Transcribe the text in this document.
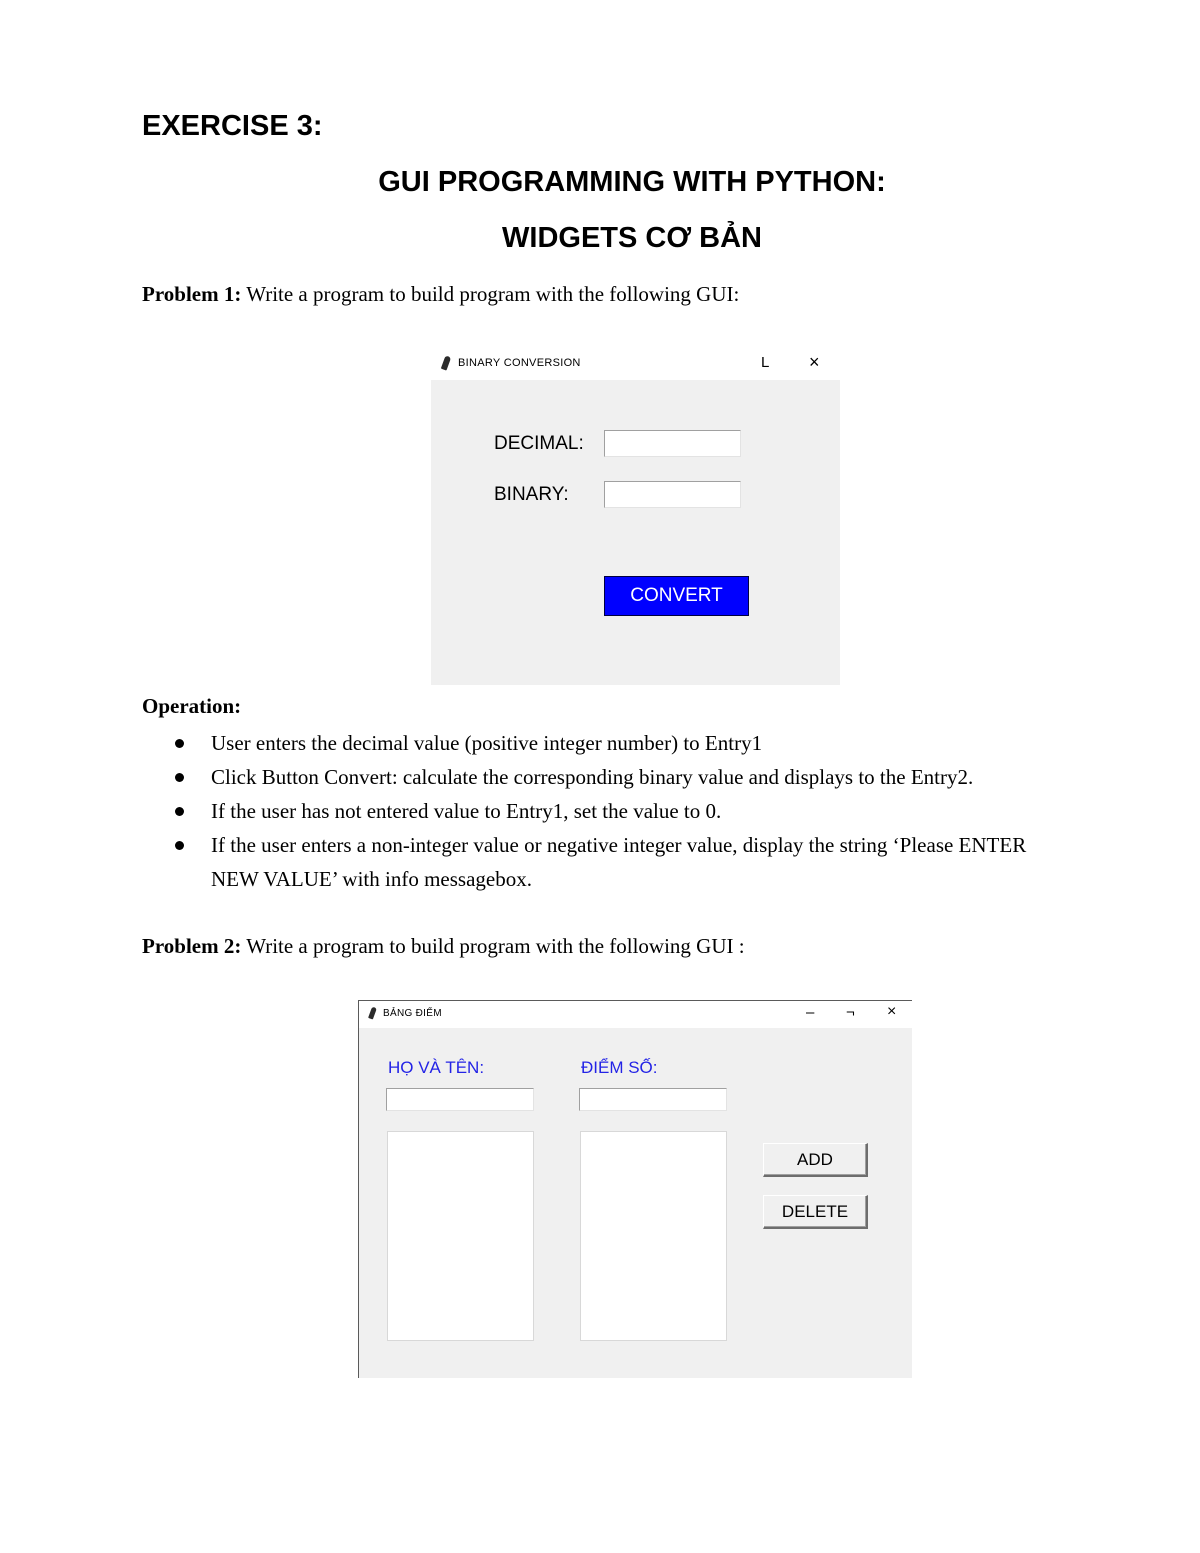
EXERCISE 3:
GUI PROGRAMMING WITH PYTHON:
WIDGETS CƠ BẢN
Problem 1: Write a program to build program with the following GUI:
BINARY CONVERSION	L ×
DECIMAL:
BINARY:
CONVERT
Operation:
User enters the decimal value (positive integer number) to Entry1
Click Button Convert: calculate the corresponding binary value and displays to the Entry2.
If the user has not entered value to Entry1, set the value to 0.
If the user enters a non-integer value or negative integer value, display the string ‘Please ENTER
NEW VALUE’ with info messagebox.
Problem 2: Write a program to build program with the following GUI :
BẢNG ĐIỂM	– ¬ ×
HỌ VÀ TÊN:	ĐIỂM SỐ:
ADD
DELETE
